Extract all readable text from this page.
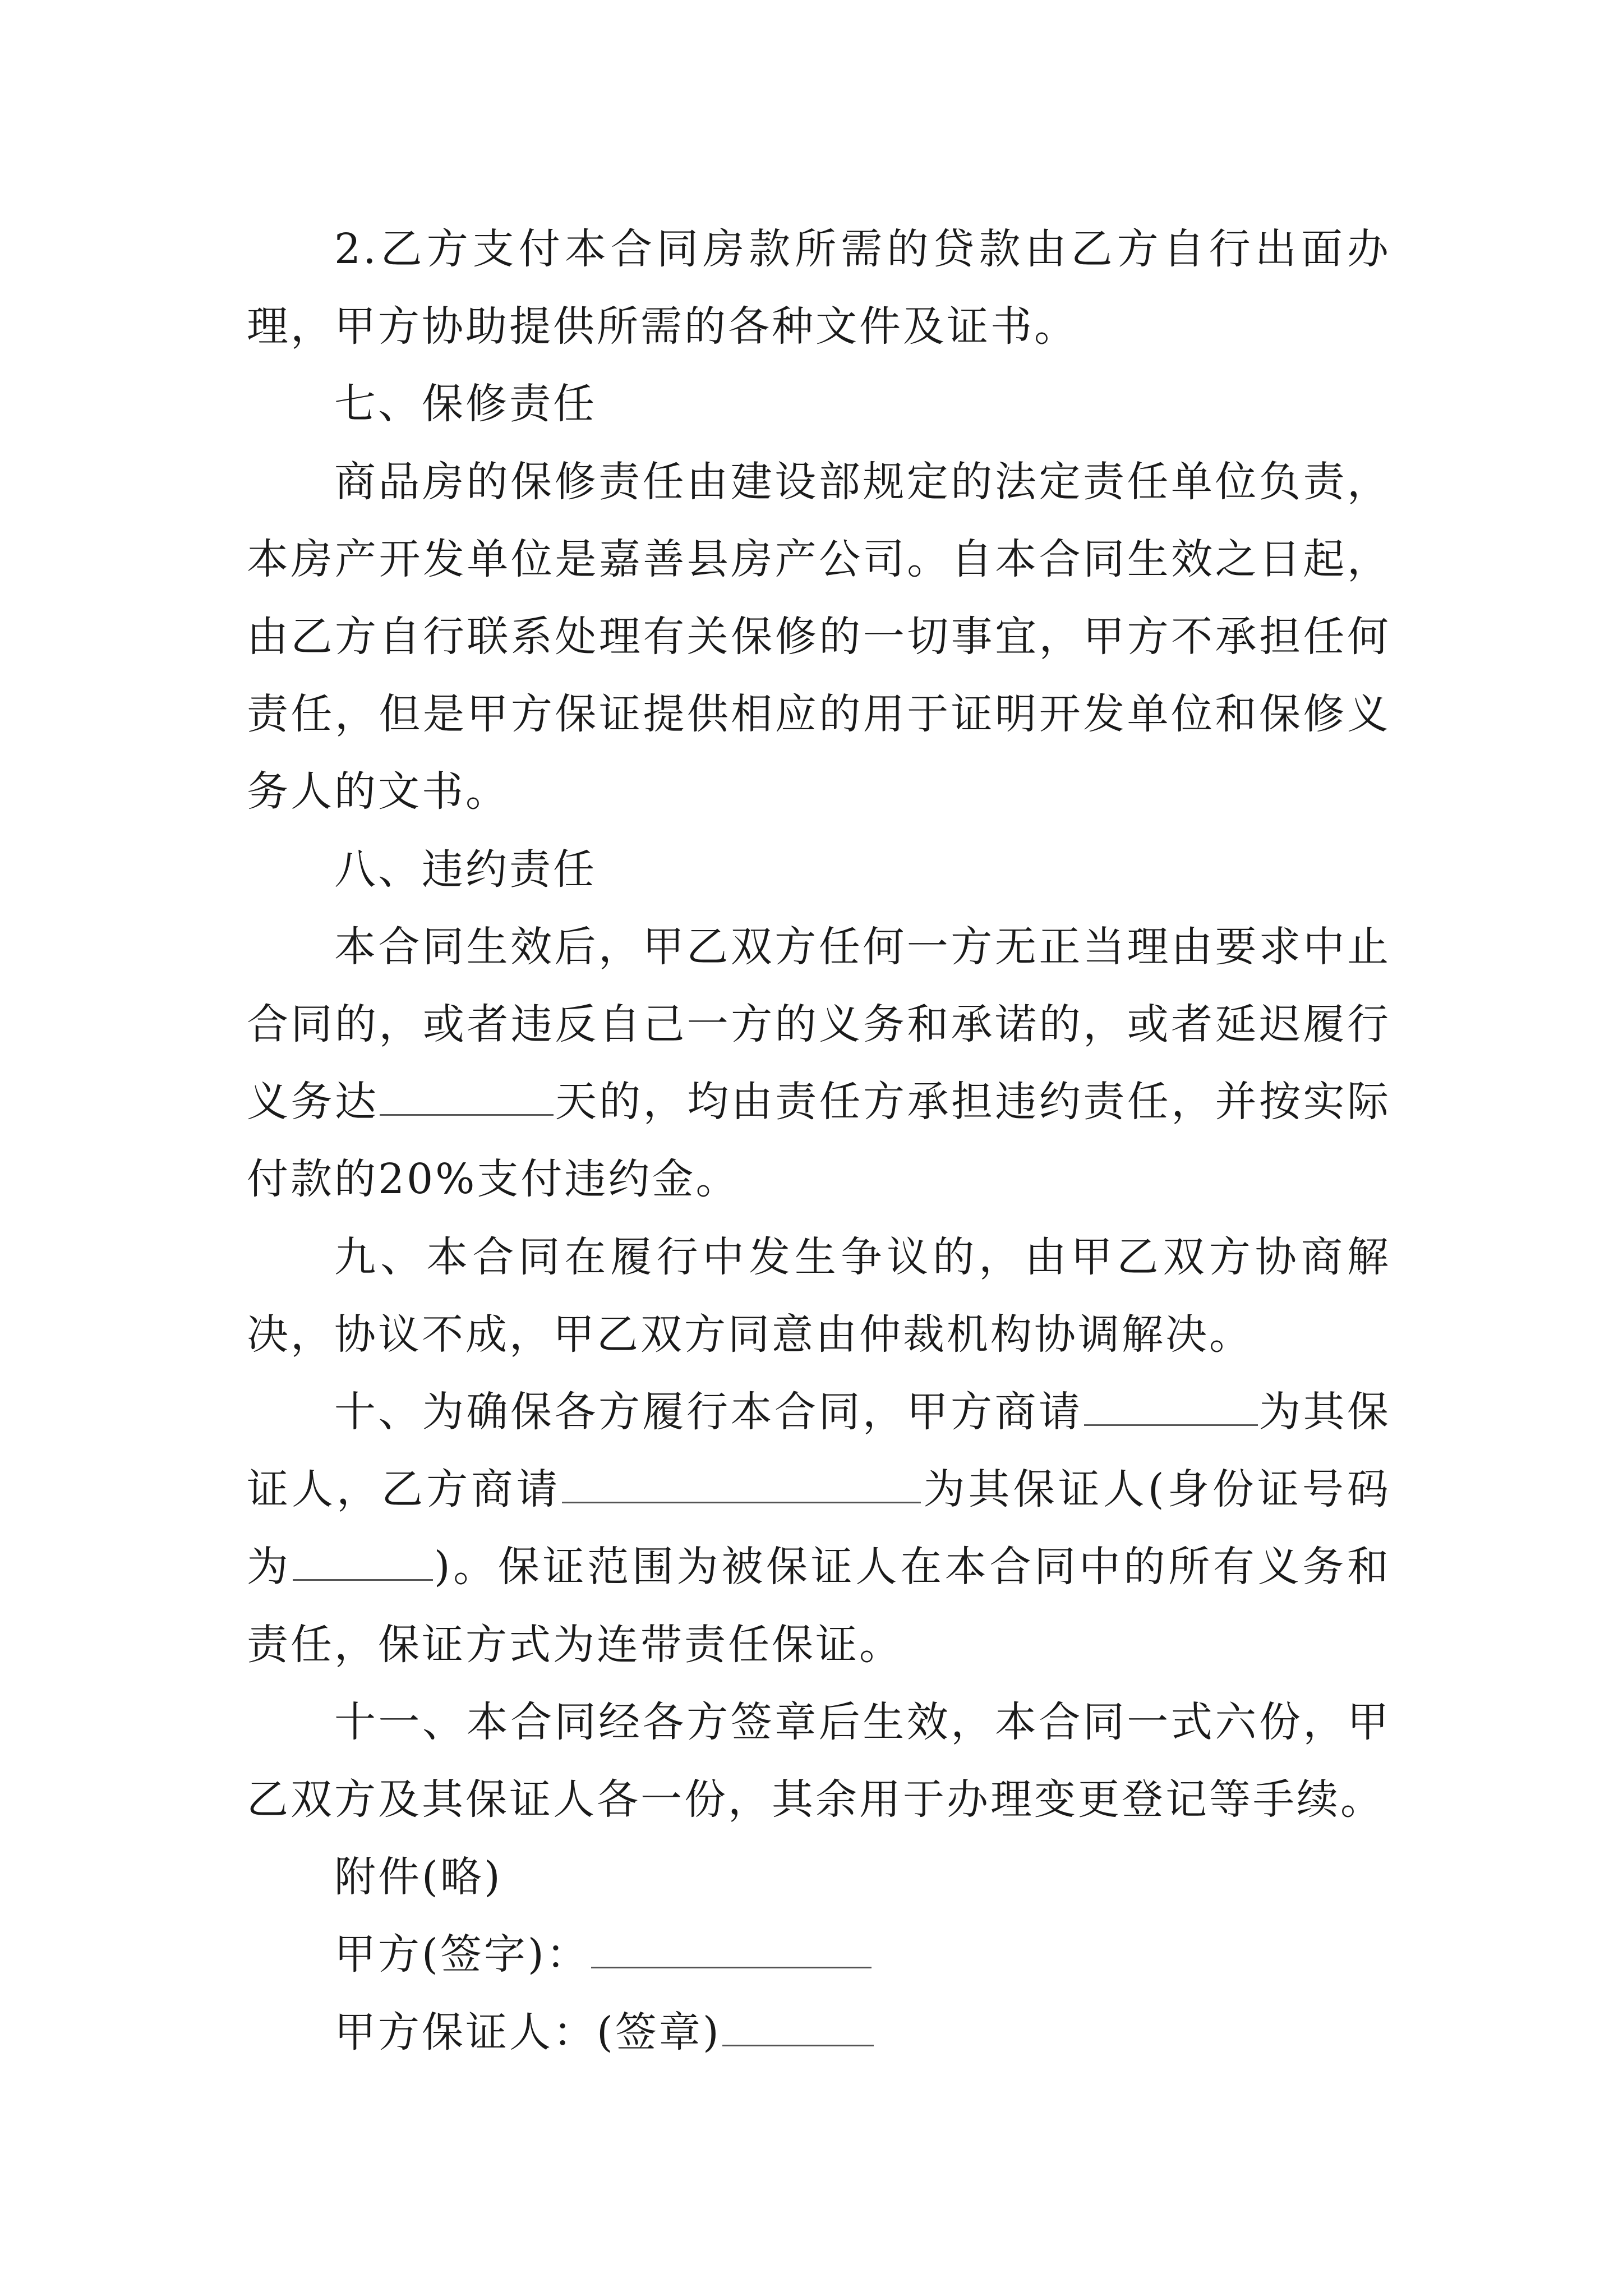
2.乙方支付本合同房款所需的贷款由乙方自行出面办理，甲方协助提供所需的各种文件及证书。

七、保修责任

商品房的保修责任由建设部规定的法定责任单位负责，本房产开发单位是嘉善县房产公司。自本合同生效之日起，由乙方自行联系处理有关保修的一切事宜，甲方不承担任何责任，但是甲方保证提供相应的用于证明开发单位和保修义务人的文书。

八、违约责任

本合同生效后，甲乙双方任何一方无正当理由要求中止合同的，或者违反自己一方的义务和承诺的，或者延迟履行义务达	天的，均由责任方承担违约责任，并按实际付款的20%支付违约金。

九、本合同在履行中发生争议的，由甲乙双方协商解决，协议不成，甲乙双方同意由仲裁机构协调解决。

十、为确保各方履行本合同，甲方商请	为其保证人，乙方商请	为其保证人(身份证号码为	)。保证范围为被保证人在本合同中的所有义务和责任，保证方式为连带责任保证。

十一、本合同经各方签章后生效，本合同一式六份，甲乙双方及其保证人各一份，其余用于办理变更登记等手续。

附件(略)

甲方(签字)：

甲方保证人：(签章)
